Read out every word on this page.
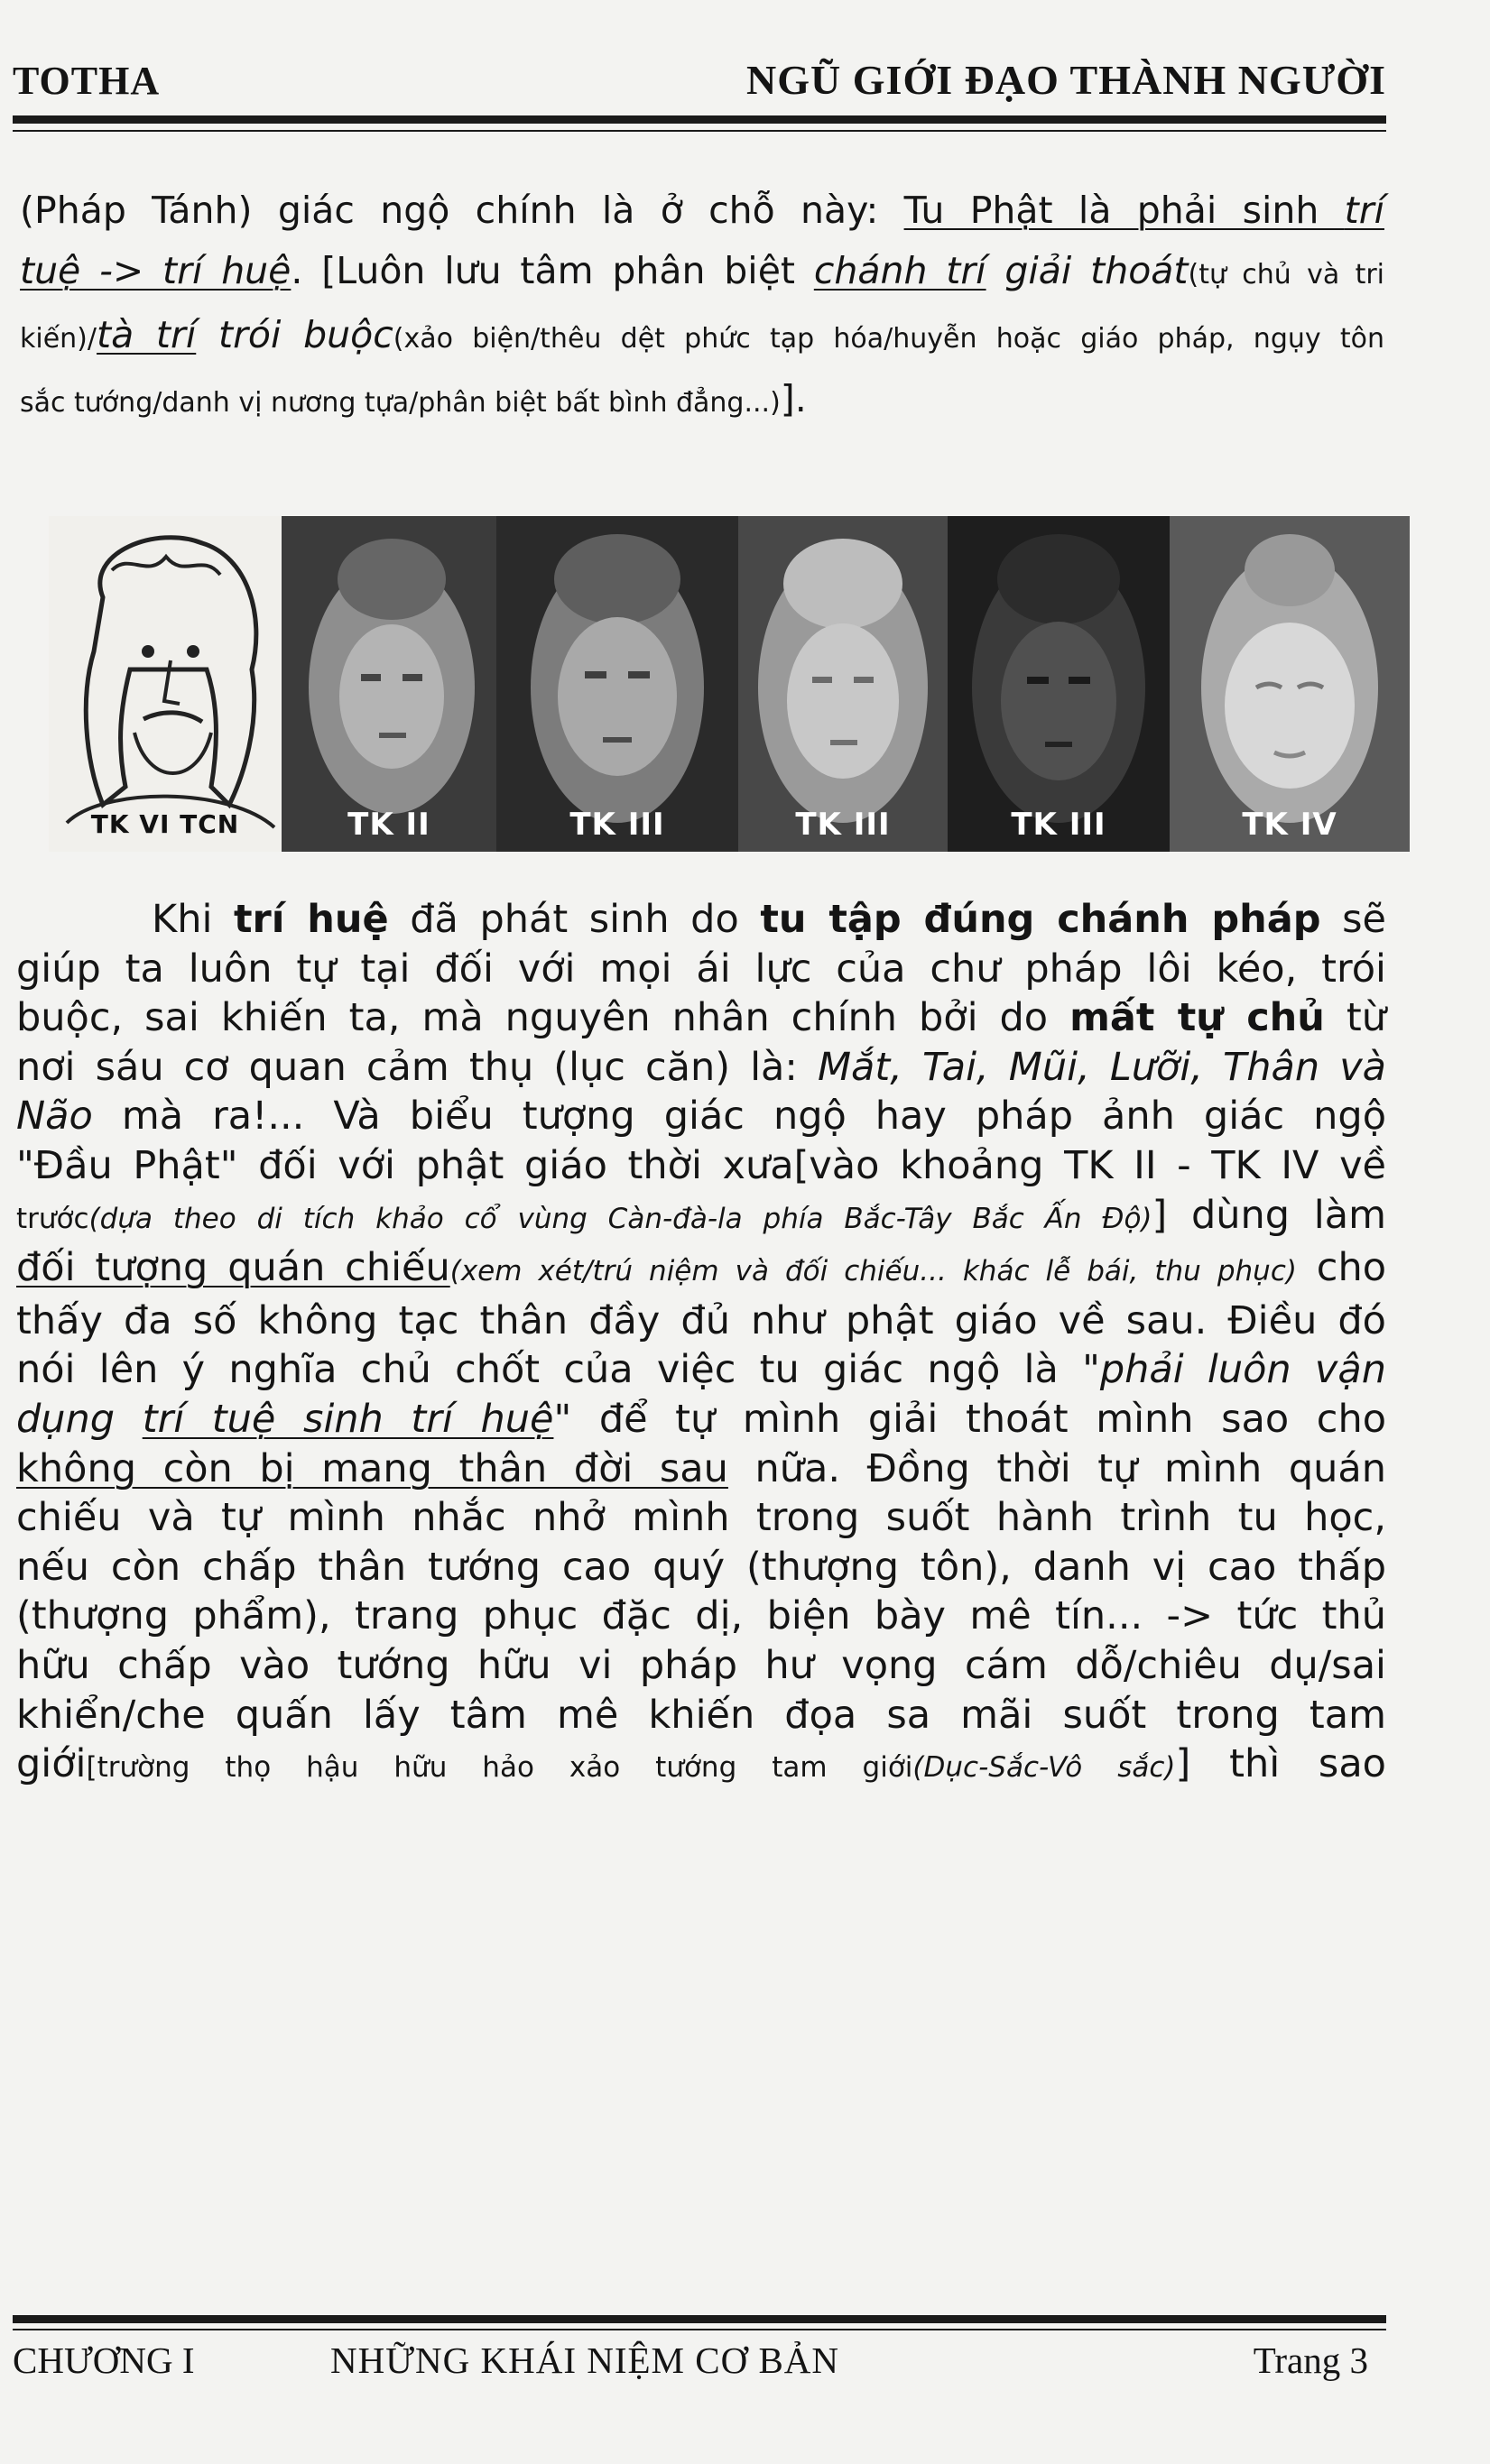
TOTHA	NGŨ GIỚI ĐẠO THÀNH NGƯỜI
(Pháp Tánh) giác ngộ chính là ở chỗ này: Tu Phật là phải sinh trí
tuệ -> trí huệ. [Luôn lưu tâm phân biệt chánh trí giải thoát(tự chủ và tri
kiến)/tà trí trói buộc(xảo biện/thêu dệt phức tạp hóa/huyễn hoặc giáo pháp, ngụy tôn
sắc tướng/danh vị nương tựa/phân biệt bất bình đẳng...)].
TK VI TCN	TK II	TK III	TK III	TK III	TK IV
Khi trí huệ đã phát sinh do tu tập đúng chánh pháp sẽ
giúp ta luôn tự tại đối với mọi ái lực của chư pháp lôi kéo, trói
buộc, sai khiến ta, mà nguyên nhân chính bởi do mất tự chủ từ
nơi sáu cơ quan cảm thụ (lục căn) là: Mắt, Tai, Mũi, Lưỡi, Thân và
Não mà ra!... Và biểu tượng giác ngộ hay pháp ảnh giác ngộ
"Đầu Phật" đối với phật giáo thời xưa[vào khoảng TK II - TK IV về
trước(dựa theo di tích khảo cổ vùng Càn-đà-la phía Bắc-Tây Bắc Ấn Độ)] dùng làm
đối tượng quán chiếu(xem xét/trú niệm và đối chiếu... khác lễ bái, thu phục) cho
thấy đa số không tạc thân đầy đủ như phật giáo về sau. Điều đó
nói lên ý nghĩa chủ chốt của việc tu giác ngộ là "phải luôn vận
dụng trí tuệ sinh trí huệ" để tự mình giải thoát mình sao cho
không còn bị mang thân đời sau nữa. Đồng thời tự mình quán
chiếu và tự mình nhắc nhở mình trong suốt hành trình tu học,
nếu còn chấp thân tướng cao quý (thượng tôn), danh vị cao thấp
(thượng phẩm), trang phục đặc dị, biện bày mê tín... -> tức thủ
hữu chấp vào tướng hữu vi pháp hư vọng cám dỗ/chiêu dụ/sai
khiển/che quấn lấy tâm mê khiến đọa sa mãi suốt trong tam
giới[trường thọ hậu hữu hảo xảo tướng tam giới(Dục-Sắc-Vô sắc)] thì sao
CHƯƠNG I	NHỮNG KHÁI NIỆM CƠ BẢN	Trang 3
